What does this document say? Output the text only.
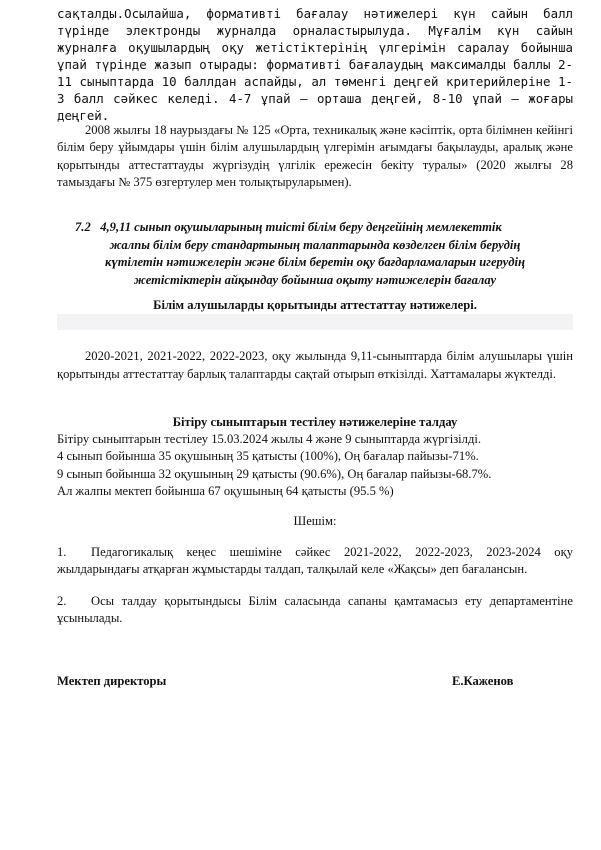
сақталды.Осылайша, формативті бағалау нәтижелері күн сайын балл түрінде электронды журналда орналастырылуда. Мұғалім күн сайын журналға оқушылардың оқу жетістіктерінің үлгерімін саралау бойынша ұпай түрінде жазып отырады: формативті бағалаудың максималды баллы 2-11 сыныптарда 10 баллдан аспайды, ал төменгі деңгей критерийлеріне 1-3 балл сәйкес келеді. 4-7 ұпай – орташа деңгей, 8-10 ұпай – жоғары деңгей.
2008 жылғы 18 наурыздағы № 125 «Орта, техникалық және кәсіптік, орта білімнен кейінгі білім беру ұйымдары үшін білім алушылардың үлгерімін ағымдағы бақылауды, аралық және қорытынды аттестаттауды жүргізудің үлгілік ережесін бекіту туралы» (2020 жылғы 28 тамыздағы № 375 өзгертулер мен толықтыруларымен).
7.2 4,9,11 сынып оқушыларының тиісті білім беру деңгейінің мемлекеттік
жалпы білім беру стандартының талаптарында көзделген білім берудің
күтілетін нәтижелерін және білім беретін оқу бағдарламаларын игерудің
жетістіктерін айқындау бойынша оқыту нәтижелерін бағалау
Білім алушыларды қорытынды аттестаттау нәтижелері.
2020-2021, 2021-2022, 2022-2023, оқу жылында 9,11-сыныптарда білім алушылары үшін қорытынды аттестаттау барлық талаптарды сақтай отырып өткізілді. Хаттамалары жүктелді.
Бітіру сыныптарын тестілеу нәтижелеріне талдау
Бітіру сыныптарын тестілеу 15.03.2024 жылы 4 және 9 сыныптарда жүргізілді.
4 сынып бойынша 35 оқушының 35 қатысты (100%), Оң бағалар пайызы-71%.
9 сынып бойынша 32 оқушының 29 қатысты (90.6%), Оң бағалар пайызы-68.7%.
Ал жалпы мектеп бойынша 67 оқушының 64 қатысты (95.5 %)
Шешім:
1. Педагогикалық кеңес шешіміне сәйкес 2021-2022, 2022-2023, 2023-2024 оқу жылдарындағы атқарған жұмыстарды талдап, талқылай келе «Жақсы» деп бағалансын.
2. Осы талдау қорытындысы Білім саласында сапаны қамтамасыз ету департаментіне ұсынылады.
Мектеп директоры	Е.Каженов
